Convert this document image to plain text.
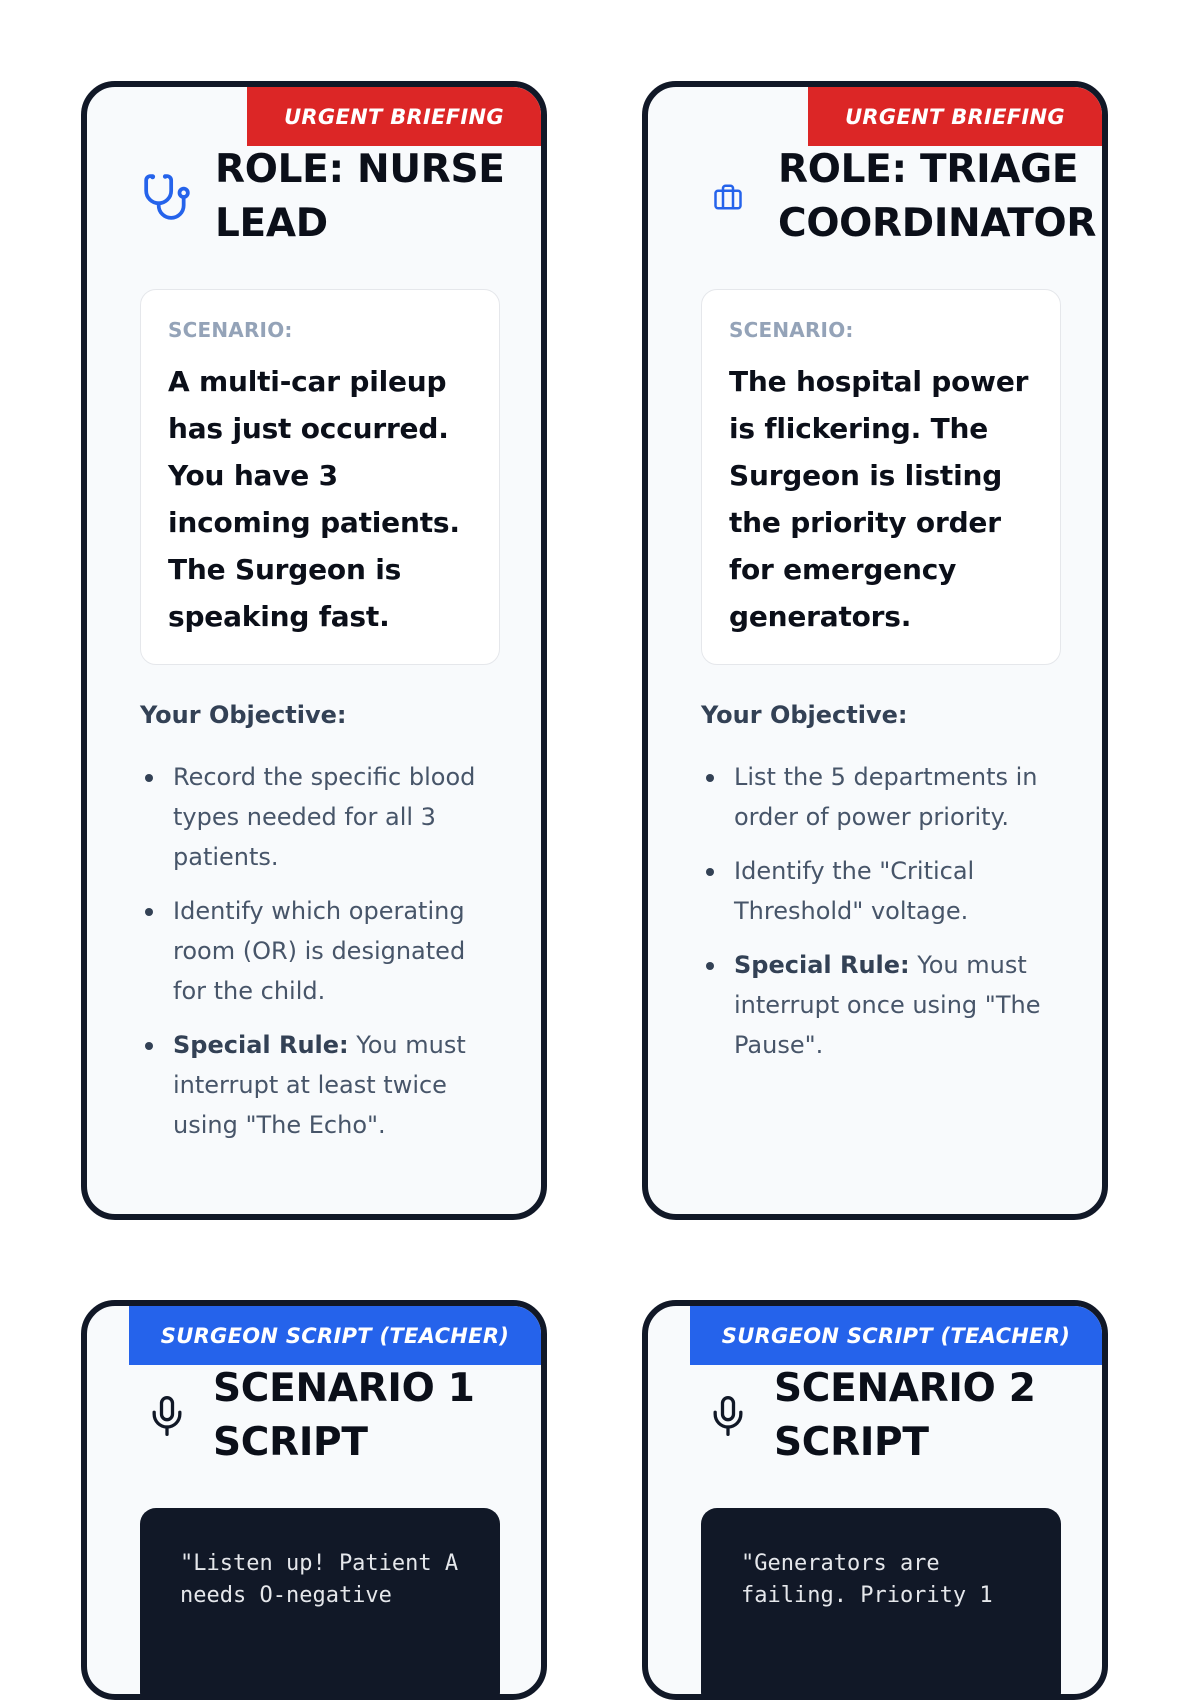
URGENT BRIEFING
ROLE: NURSE
LEAD
SCENARIO:
A multi-car pileup has just occurred. You have 3 incoming patients. The Surgeon is speaking fast.
Your Objective:
Record the specific blood types needed for all 3 patients.
Identify which operating room (OR) is designated for the child.
Special Rule: You must interrupt at least twice using "The Echo".
URGENT BRIEFING
ROLE: TRIAGE
COORDINATOR
SCENARIO:
The hospital power is flickering. The Surgeon is listing the priority order for emergency generators.
Your Objective:
List the 5 departments in order of power priority.
Identify the "Critical Threshold" voltage.
Special Rule: You must interrupt once using "The Pause".
SURGEON SCRIPT (TEACHER)
SCENARIO 1
SCRIPT
"Listen up! Patient A needs O-negative
SURGEON SCRIPT (TEACHER)
SCENARIO 2
SCRIPT
"Generators are failing. Priority 1
